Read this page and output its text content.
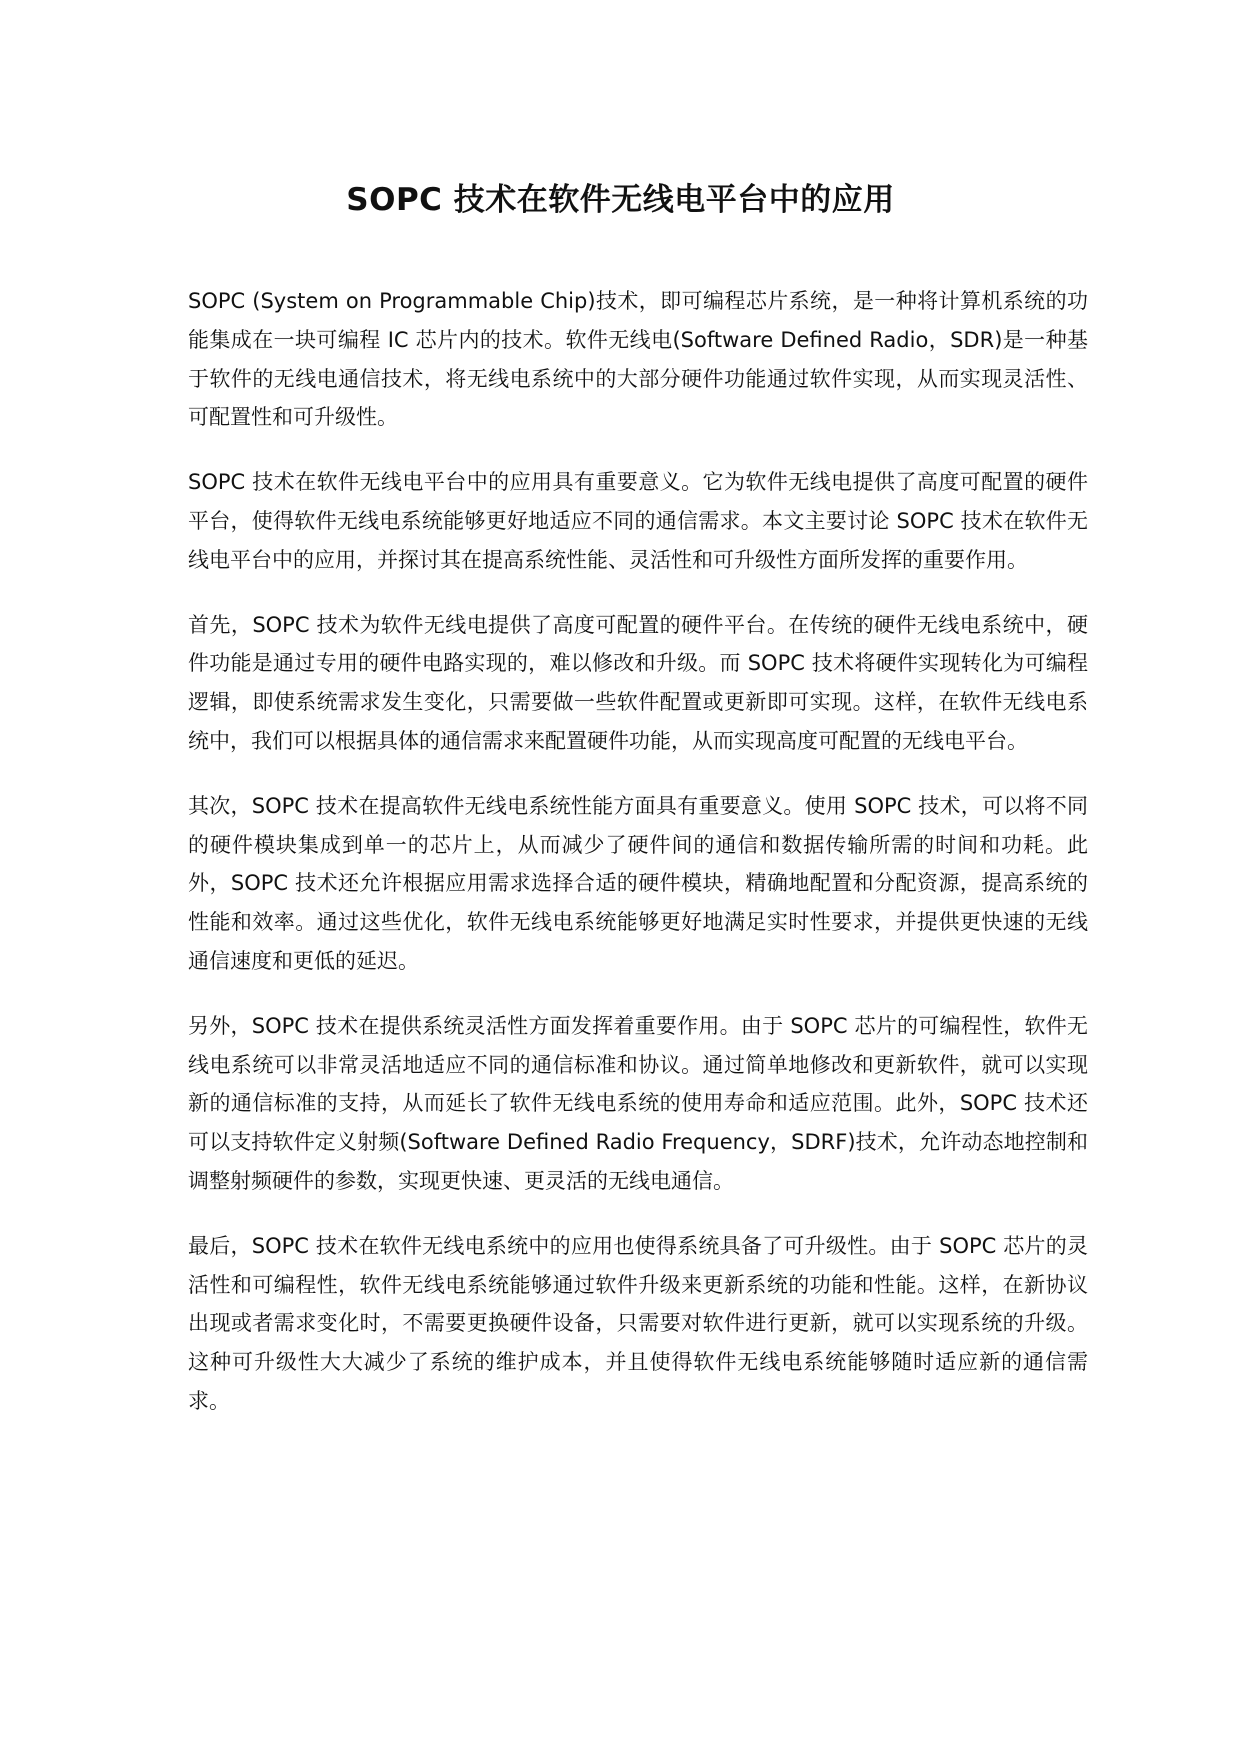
SOPC 技术在软件无线电平台中的应用

SOPC (System on Programmable Chip)技术，即可编程芯片系统，是一种将计算机系统的功能集成在一块可编程 IC 芯片内的技术。软件无线电(Software Defined Radio，SDR)是一种基于软件的无线电通信技术，将无线电系统中的大部分硬件功能通过软件实现，从而实现灵活性、可配置性和可升级性。

SOPC 技术在软件无线电平台中的应用具有重要意义。它为软件无线电提供了高度可配置的硬件平台，使得软件无线电系统能够更好地适应不同的通信需求。本文主要讨论 SOPC 技术在软件无线电平台中的应用，并探讨其在提高系统性能、灵活性和可升级性方面所发挥的重要作用。

首先，SOPC 技术为软件无线电提供了高度可配置的硬件平台。在传统的硬件无线电系统中，硬件功能是通过专用的硬件电路实现的，难以修改和升级。而 SOPC 技术将硬件实现转化为可编程逻辑，即使系统需求发生变化，只需要做一些软件配置或更新即可实现。这样，在软件无线电系统中，我们可以根据具体的通信需求来配置硬件功能，从而实现高度可配置的无线电平台。

其次，SOPC 技术在提高软件无线电系统性能方面具有重要意义。使用 SOPC 技术，可以将不同的硬件模块集成到单一的芯片上，从而减少了硬件间的通信和数据传输所需的时间和功耗。此外，SOPC 技术还允许根据应用需求选择合适的硬件模块，精确地配置和分配资源，提高系统的性能和效率。通过这些优化，软件无线电系统能够更好地满足实时性要求，并提供更快速的无线通信速度和更低的延迟。

另外，SOPC 技术在提供系统灵活性方面发挥着重要作用。由于 SOPC 芯片的可编程性，软件无线电系统可以非常灵活地适应不同的通信标准和协议。通过简单地修改和更新软件，就可以实现新的通信标准的支持，从而延长了软件无线电系统的使用寿命和适应范围。此外，SOPC 技术还可以支持软件定义射频(Software Defined Radio Frequency，SDRF)技术，允许动态地控制和调整射频硬件的参数，实现更快速、更灵活的无线电通信。

最后，SOPC 技术在软件无线电系统中的应用也使得系统具备了可升级性。由于 SOPC 芯片的灵活性和可编程性，软件无线电系统能够通过软件升级来更新系统的功能和性能。这样，在新协议出现或者需求变化时，不需要更换硬件设备，只需要对软件进行更新，就可以实现系统的升级。这种可升级性大大减少了系统的维护成本，并且使得软件无线电系统能够随时适应新的通信需求。
